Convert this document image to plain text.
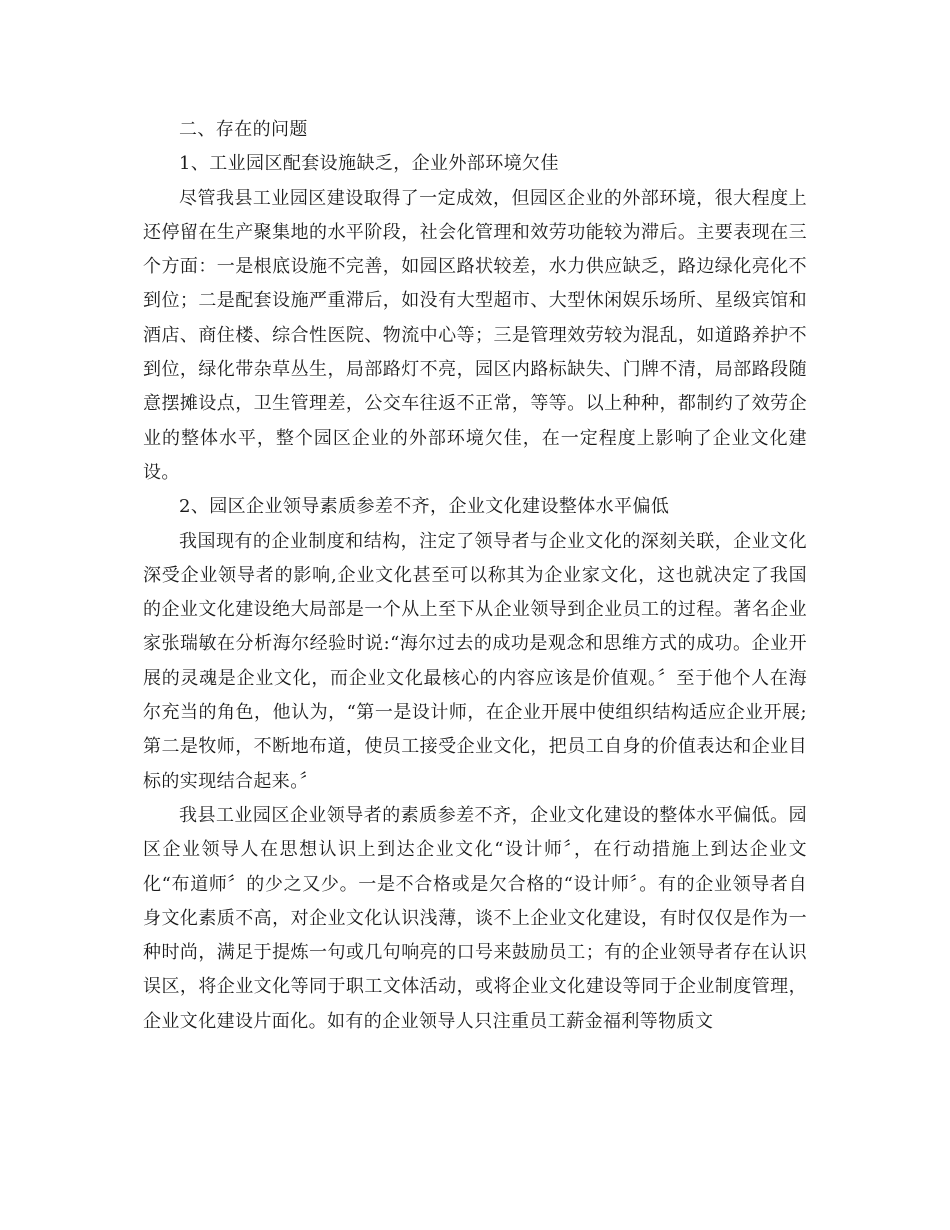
二、存在的问题

1、工业园区配套设施缺乏，企业外部环境欠佳

尽管我县工业园区建设取得了一定成效，但园区企业的外部环境，很大程度上还停留在生产聚集地的水平阶段，社会化管理和效劳功能较为滞后。主要表现在三个方面：一是根底设施不完善，如园区路状较差，水力供应缺乏，路边绿化亮化不到位；二是配套设施严重滞后，如没有大型超市、大型休闲娱乐场所、星级宾馆和酒店、商住楼、综合性医院、物流中心等；三是管理效劳较为混乱，如道路养护不到位，绿化带杂草丛生，局部路灯不亮，园区内路标缺失、门牌不清，局部路段随意摆摊设点，卫生管理差，公交车往返不正常，等等。以上种种，都制约了效劳企业的整体水平，整个园区企业的外部环境欠佳，在一定程度上影响了企业文化建设。

2、园区企业领导素质参差不齐，企业文化建设整体水平偏低

我国现有的企业制度和结构，注定了领导者与企业文化的深刻关联，企业文化深受企业领导者的影响,企业文化甚至可以称其为企业家文化，这也就决定了我国的企业文化建设绝大局部是一个从上至下从企业领导到企业员工的过程。著名企业家张瑞敏在分析海尔经验时说:“海尔过去的成功是观念和思维方式的成功。企业开展的灵魂是企业文化，而企业文化最核心的内容应该是价值观。〞至于他个人在海尔充当的角色，他认为，“第一是设计师，在企业开展中使组织结构适应企业开展;第二是牧师，不断地布道，使员工接受企业文化，把员工自身的价值表达和企业目标的实现结合起来。〞

我县工业园区企业领导者的素质参差不齐，企业文化建设的整体水平偏低。园区企业领导人在思想认识上到达企业文化“设计师〞，在行动措施上到达企业文化“布道师〞的少之又少。一是不合格或是欠合格的“设计师〞。有的企业领导者自身文化素质不高，对企业文化认识浅薄，谈不上企业文化建设，有时仅仅是作为一种时尚，满足于提炼一句或几句响亮的口号来鼓励员工；有的企业领导者存在认识误区，将企业文化等同于职工文体活动，或将企业文化建设等同于企业制度管理，企业文化建设片面化。如有的企业领导人只注重员工薪金福利等物质文
